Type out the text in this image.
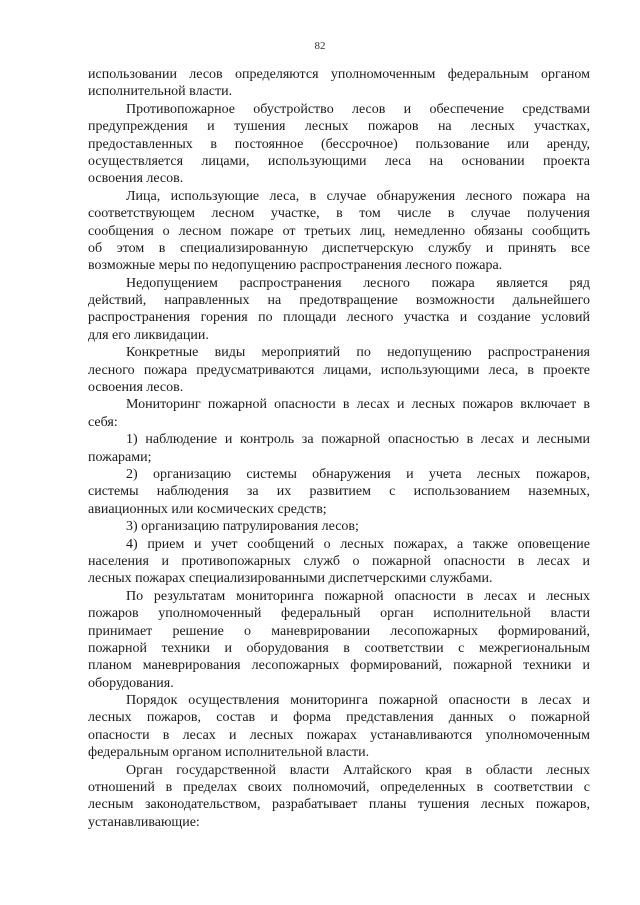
82
использовании лесов определяются уполномоченным федеральным органом
исполнительной власти.
Противопожарное обустройство лесов и обеспечение средствами
предупреждения и тушения лесных пожаров на лесных участках,
предоставленных в постоянное (бессрочное) пользование или аренду,
осуществляется лицами, использующими леса на основании проекта
освоения лесов.
Лица, использующие леса, в случае обнаружения лесного пожара на
соответствующем лесном участке, в том числе в случае получения
сообщения о лесном пожаре от третьих лиц, немедленно обязаны сообщить
об этом в специализированную диспетчерскую службу и принять все
возможные меры по недопущению распространения лесного пожара.
Недопущением распространения лесного пожара является ряд
действий, направленных на предотвращение возможности дальнейшего
распространения горения по площади лесного участка и создание условий
для его ликвидации.
Конкретные виды мероприятий по недопущению распространения
лесного пожара предусматриваются лицами, использующими леса, в проекте
освоения лесов.
Мониторинг пожарной опасности в лесах и лесных пожаров включает в
себя:
1) наблюдение и контроль за пожарной опасностью в лесах и лесными
пожарами;
2) организацию системы обнаружения и учета лесных пожаров,
системы наблюдения за их развитием с использованием наземных,
авиационных или космических средств;
3) организацию патрулирования лесов;
4) прием и учет сообщений о лесных пожарах, а также оповещение
населения и противопожарных служб о пожарной опасности в лесах и
лесных пожарах специализированными диспетчерскими службами.
По результатам мониторинга пожарной опасности в лесах и лесных
пожаров уполномоченный федеральный орган исполнительной власти
принимает решение о маневрировании лесопожарных формирований,
пожарной техники и оборудования в соответствии с межрегиональным
планом маневрирования лесопожарных формирований, пожарной техники и
оборудования.
Порядок осуществления мониторинга пожарной опасности в лесах и
лесных пожаров, состав и форма представления данных о пожарной
опасности в лесах и лесных пожарах устанавливаются уполномоченным
федеральным органом исполнительной власти.
Орган государственной власти Алтайского края в области лесных
отношений в пределах своих полномочий, определенных в соответствии с
лесным законодательством, разрабатывает планы тушения лесных пожаров,
устанавливающие:
